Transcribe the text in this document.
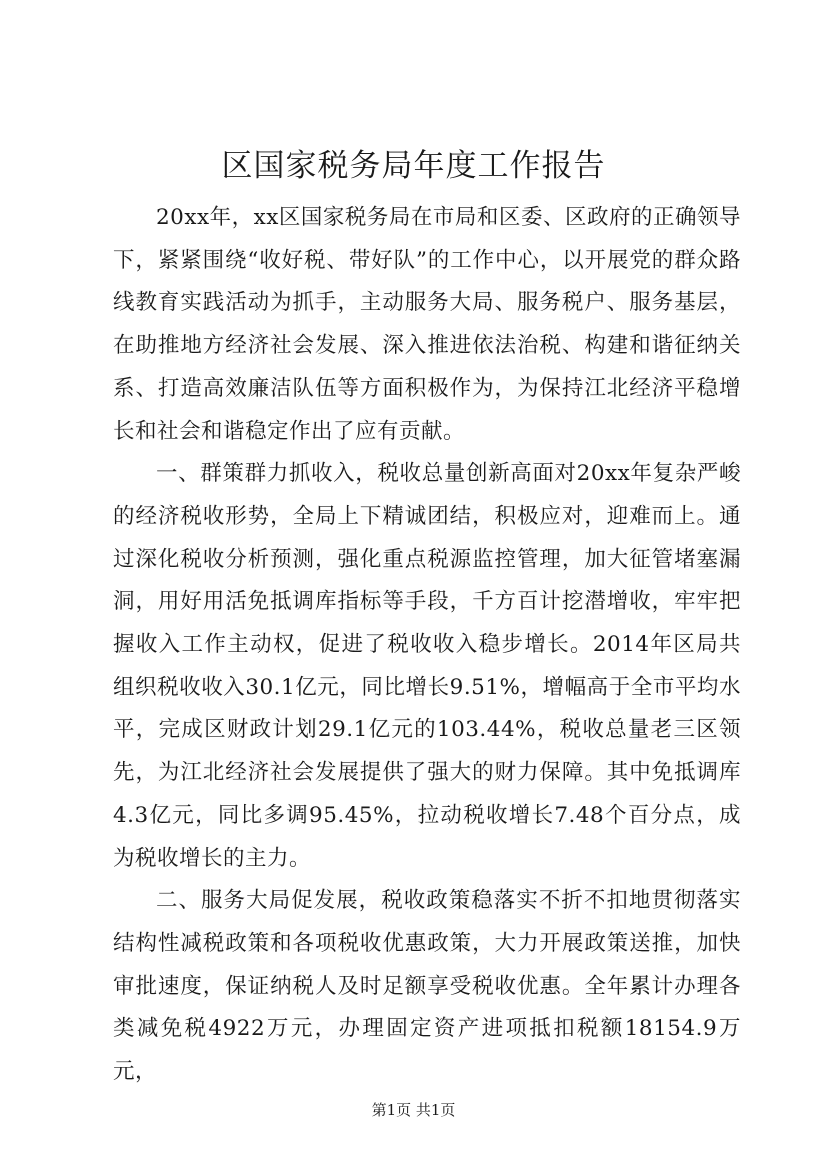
区国家税务局年度工作报告

20xx年，xx区国家税务局在市局和区委、区政府的正确领导下，紧紧围绕“收好税、带好队”的工作中心，以开展党的群众路线教育实践活动为抓手，主动服务大局、服务税户、服务基层，在助推地方经济社会发展、深入推进依法治税、构建和谐征纳关系、打造高效廉洁队伍等方面积极作为，为保持江北经济平稳增长和社会和谐稳定作出了应有贡献。

一、群策群力抓收入，税收总量创新高面对20xx年复杂严峻的经济税收形势，全局上下精诚团结，积极应对，迎难而上。通过深化税收分析预测，强化重点税源监控管理，加大征管堵塞漏洞，用好用活免抵调库指标等手段，千方百计挖潜增收，牢牢把握收入工作主动权，促进了税收收入稳步增长。2014年区局共组织税收收入30.1亿元，同比增长9.51%，增幅高于全市平均水平，完成区财政计划29.1亿元的103.44%，税收总量老三区领先，为江北经济社会发展提供了强大的财力保障。其中免抵调库4.3亿元，同比多调95.45%，拉动税收增长7.48个百分点，成为税收增长的主力。

二、服务大局促发展，税收政策稳落实不折不扣地贯彻落实结构性减税政策和各项税收优惠政策，大力开展政策送推，加快审批速度，保证纳税人及时足额享受税收优惠。全年累计办理各类减免税4922万元，办理固定资产进项抵扣税额18154.9万元，

第1页 共1页
